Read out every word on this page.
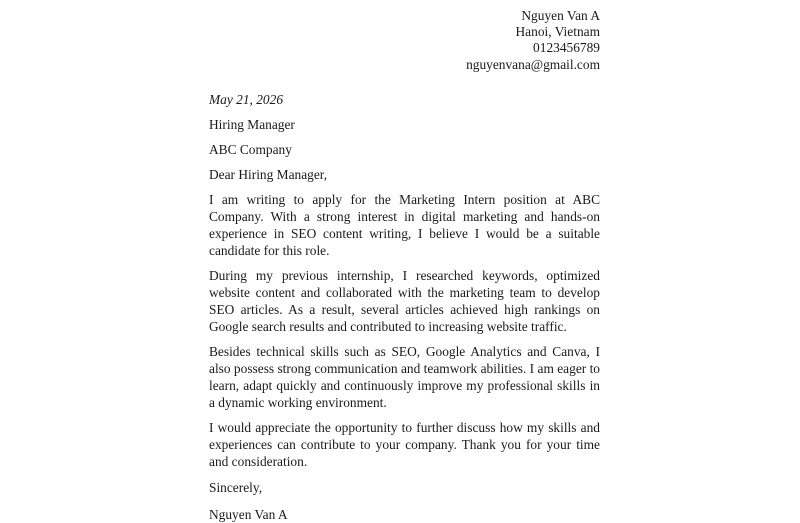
Nguyen Van A
Hanoi, Vietnam
0123456789
nguyenvana@gmail.com
May 21, 2026
Hiring Manager
ABC Company
Dear Hiring Manager,
I am writing to apply for the Marketing Intern position at ABC Company. With a strong interest in digital marketing and hands-on experience in SEO content writing, I believe I would be a suitable candidate for this role.
During my previous internship, I researched keywords, optimized website content and collaborated with the marketing team to develop SEO articles. As a result, several articles achieved high rankings on Google search results and contributed to increasing website traffic.
Besides technical skills such as SEO, Google Analytics and Canva, I also possess strong communication and teamwork abilities. I am eager to learn, adapt quickly and continuously improve my professional skills in a dynamic working environment.
I would appreciate the opportunity to further discuss how my skills and experiences can contribute to your company. Thank you for your time and consideration.
Sincerely,
Nguyen Van A
